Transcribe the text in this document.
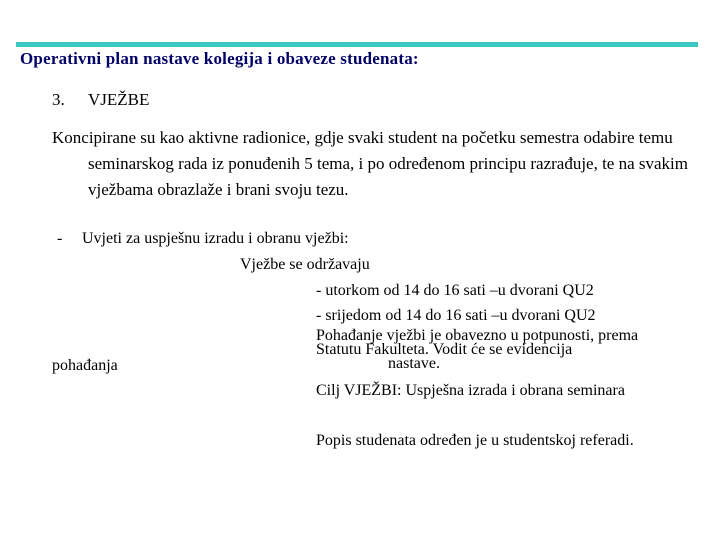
Operativni plan nastave kolegija i obaveze studenata:
3. VJEŽBE
Koncipirane su kao aktivne radionice, gdje svaki student na početku semestra odabire temu seminarskog rada iz ponuđenih 5 tema, i po određenom principu razrađuje, te na svakim vježbama obrazlaže i brani svoju tezu.
- Uvjeti za uspješnu izradu i obranu vježbi:
Vježbe se održavaju
- utorkom od 14 do 16 sati –u dvorani QU2
- srijedom od 14 do 16 sati –u dvorani QU2
Pohađanje vježbi je obavezno u potpunosti, prema
Statutu Fakulteta. Vodit će se evidencija
nastave.
pohađanja
Cilj VJEŽBI: Uspješna izrada i obrana seminara
Popis studenata određen je u studentskoj referadi.
